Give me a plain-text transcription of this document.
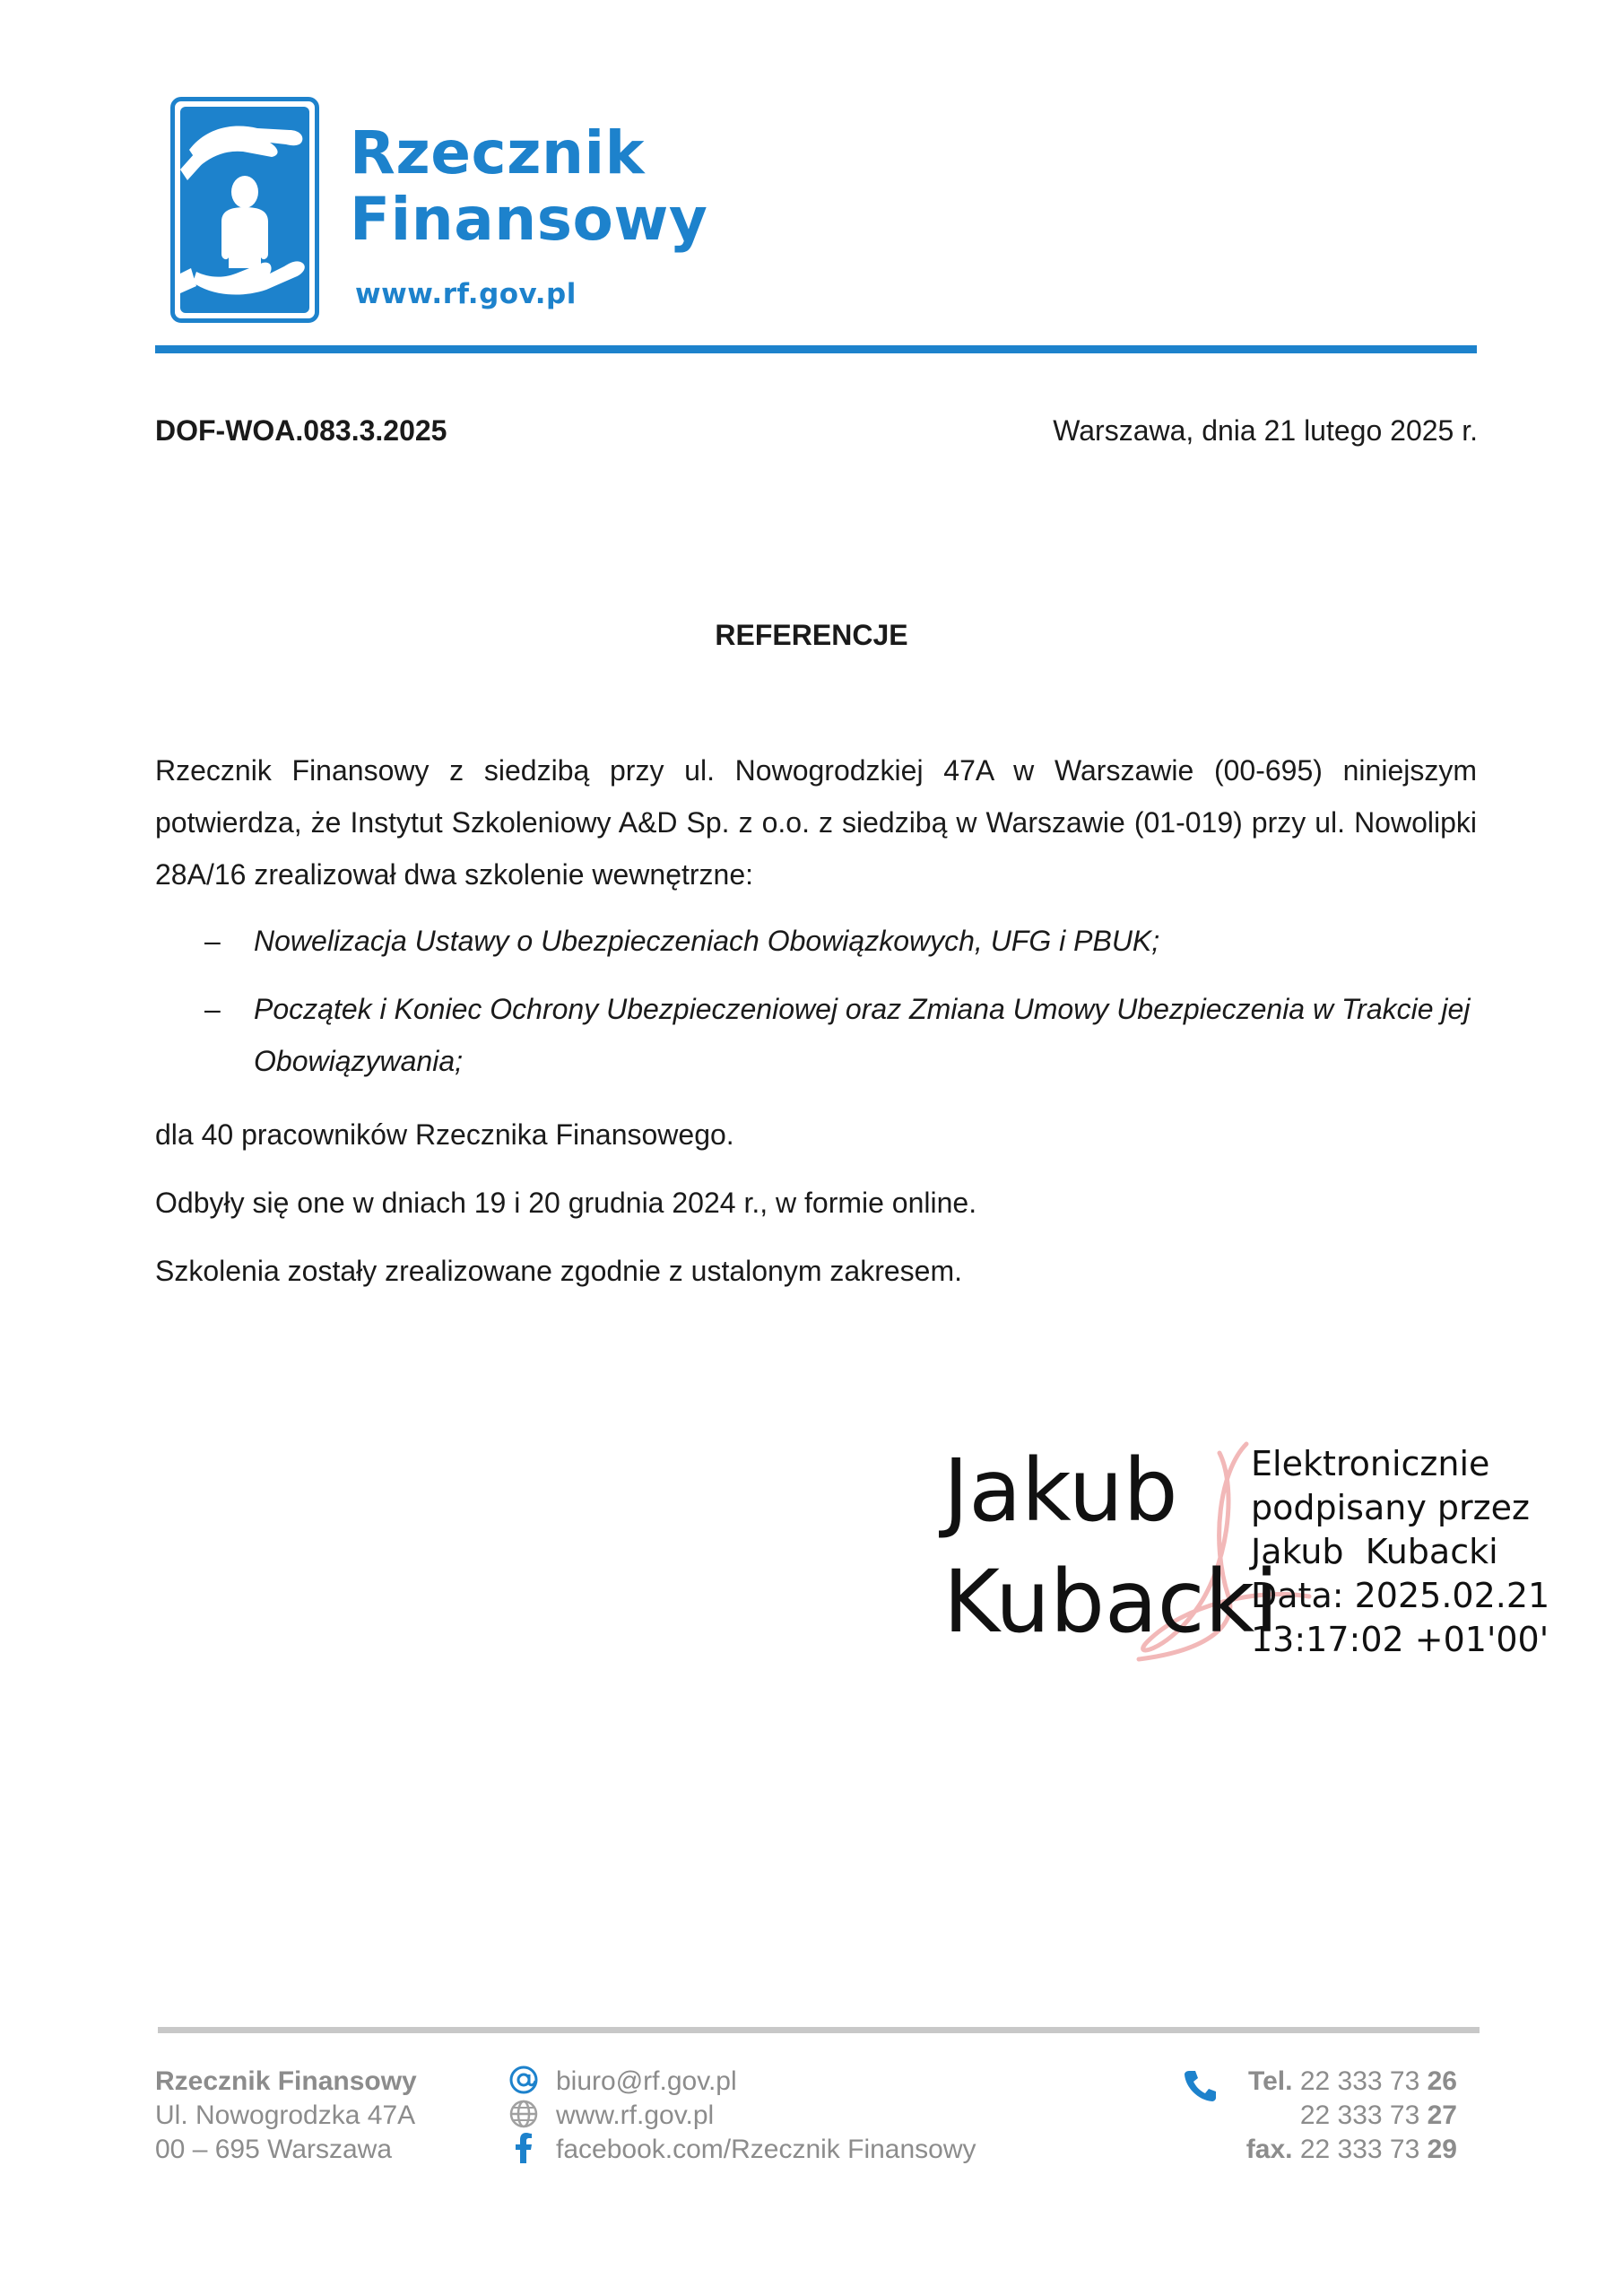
Rzecznik
Finansowy
www.rf.gov.pl
DOF-WOA.083.3.2025	Warszawa, dnia 21 lutego 2025 r.
REFERENCJE
Rzecznik Finansowy z siedzibą przy ul. Nowogrodzkiej 47A w Warszawie (00-695) niniejszym potwierdza, że Instytut Szkoleniowy A&D Sp. z o.o. z siedzibą w Warszawie (01-019) przy ul. Nowolipki 28A/16 zrealizował dwa szkolenie wewnętrzne:
– Nowelizacja Ustawy o Ubezpieczeniach Obowiązkowych, UFG i PBUK;
– Początek i Koniec Ochrony Ubezpieczeniowej oraz Zmiana Umowy Ubezpieczenia w Trakcie jej Obowiązywania;
dla 40 pracowników Rzecznika Finansowego.
Odbyły się one w dniach 19 i 20 grudnia 2024 r., w formie online.
Szkolenia zostały zrealizowane zgodnie z ustalonym zakresem.
Jakub
Kubacki
Elektronicznie
podpisany przez
Jakub  Kubacki
Data: 2025.02.21
13:17:02 +01'00'
Rzecznik Finansowy
Ul. Nowogrodzka 47A
00 – 695 Warszawa
biuro@rf.gov.pl
www.rf.gov.pl
facebook.com/Rzecznik Finansowy
Tel. 22 333 73 26
22 333 73 27
fax. 22 333 73 29
